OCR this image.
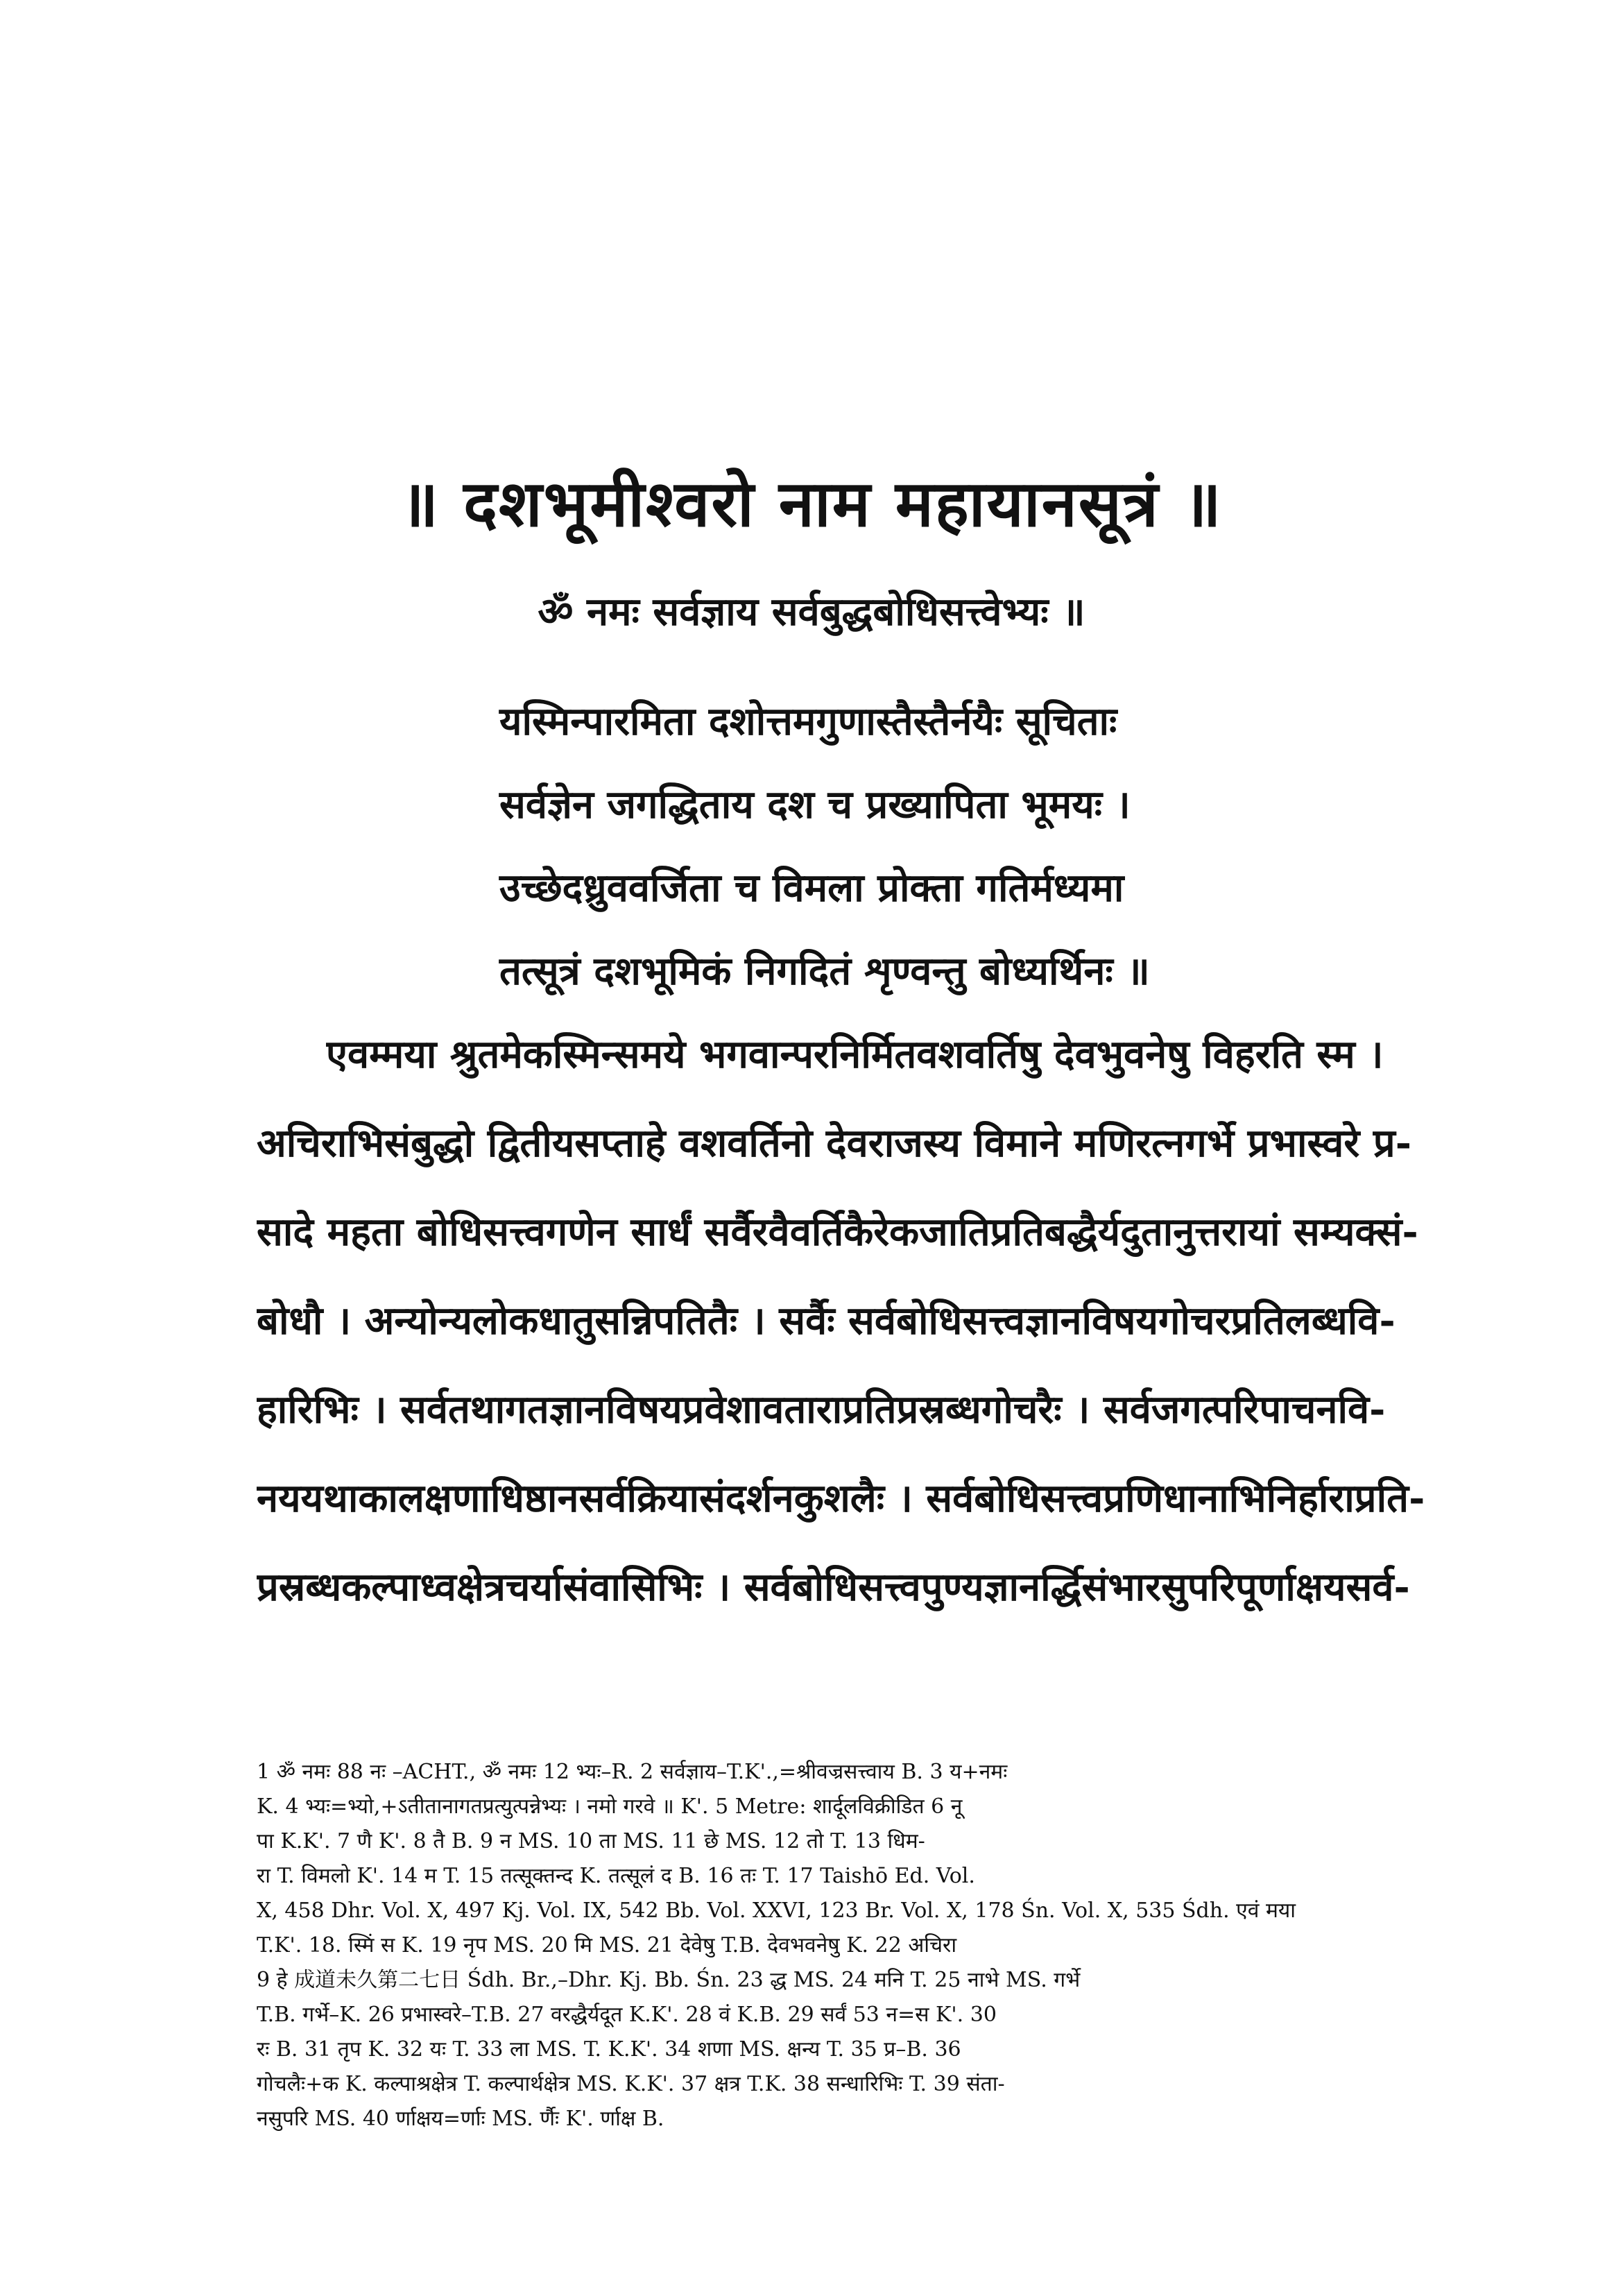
॥ दशभूमीश्वरो नाम महायानसूत्रं ॥
ॐ नमः सर्वज्ञाय सर्वबुद्धबोधिसत्त्वेभ्यः ॥
यस्मिन्पारमिता दशोत्तमगुणास्तैस्तैर्नयैः सूचिताः
सर्वज्ञेन जगद्धिताय दश च प्रख्यापिता भूमयः ।
उच्छेदध्रुववर्जिता च विमला प्रोक्ता गतिर्मध्यमा
तत्सूत्रं दशभूमिकं निगदितं शृण्वन्तु बोध्यर्थिनः ॥
एवम्मया श्रुतमेकस्मिन्समये भगवान्परनिर्मितवशवर्तिषु देवभुवनेषु विहरति स्म ।
अचिराभिसंबुद्धो द्वितीयसप्ताहे वशवर्तिनो देवराजस्य विमाने मणिरत्नगर्भे प्रभास्वरे प्र-
सादे महता बोधिसत्त्वगणेन सार्धं सर्वैरवैवर्तिकैरेकजातिप्रतिबद्धैर्यदुतानुत्तरायां सम्यक्सं-
बोधौ । अन्योन्यलोकधातुसन्निपतितैः । सर्वैः सर्वबोधिसत्त्वज्ञानविषयगोचरप्रतिलब्धवि-
हारिभिः । सर्वतथागतज्ञानविषयप्रवेशावताराप्रतिप्रस्रब्धगोचरैः । सर्वजगत्परिपाचनवि-
नययथाकालक्षणाधिष्ठानसर्वक्रियासंदर्शनकुशलैः । सर्वबोधिसत्त्वप्रणिधानाभिनिर्हाराप्रति-
प्रस्रब्धकल्पाध्वक्षेत्रचर्यासंवासिभिः । सर्वबोधिसत्त्वपुण्यज्ञानर्द्धिसंभारसुपरिपूर्णाक्षयसर्व-
1 ॐ नमः 88 नः –ACHT., ॐ नमः 12 भ्यः–R. 2 सर्वज्ञाय–T.K'.,=श्रीवज्रसत्त्वाय B. 3 य+नमः
K. 4 भ्यः=भ्यो,+ऽतीतानागतप्रत्युत्पन्नेभ्यः । नमो गरवे ॥ K'. 5 Metre: शार्दूलविक्रीडित 6 नू
पा K.K'. 7 णै K'. 8 तै B. 9 न MS. 10 ता MS. 11 छे MS. 12 तो T. 13 धिम-
रा T. विमलो K'. 14 म T. 15 तत्सूक्तन्द K. तत्सूलं द B. 16 तः T. 17 Taishō Ed. Vol.
X, 458 Dhr. Vol. X, 497 Kj. Vol. IX, 542 Bb. Vol. XXVI, 123 Br. Vol. X, 178 Śn. Vol. X, 535 Śdh. एवं मया
T.K'. 18. स्मिं स K. 19 नृप MS. 20 मि MS. 21 देवेषु T.B. देवभवनेषु K. 22 अचिरा
9 हे 成道未久第二七日 Śdh. Br.,–Dhr. Kj. Bb. Śn. 23 द्ध MS. 24 मनि T. 25 नाभे MS. गर्भे
T.B. गर्भे–K. 26 प्रभास्वरे–T.B. 27 वरद्धैर्यदूत K.K'. 28 वं K.B. 29 सर्वं 53 न=स K'. 30
रः B. 31 तृप K. 32 यः T. 33 ला MS. T. K.K'. 34 शणा MS. क्षन्य T. 35 प्र–B. 36
गोचलैः+क K. कल्पाश्रक्षेत्र T. कल्पार्थक्षेत्र MS. K.K'. 37 क्षत्र T.K. 38 सन्धारिभिः T. 39 संता-
नसुपरि MS. 40 र्णाक्षय=र्णाः MS. र्णैः K'. र्णाक्ष B.
